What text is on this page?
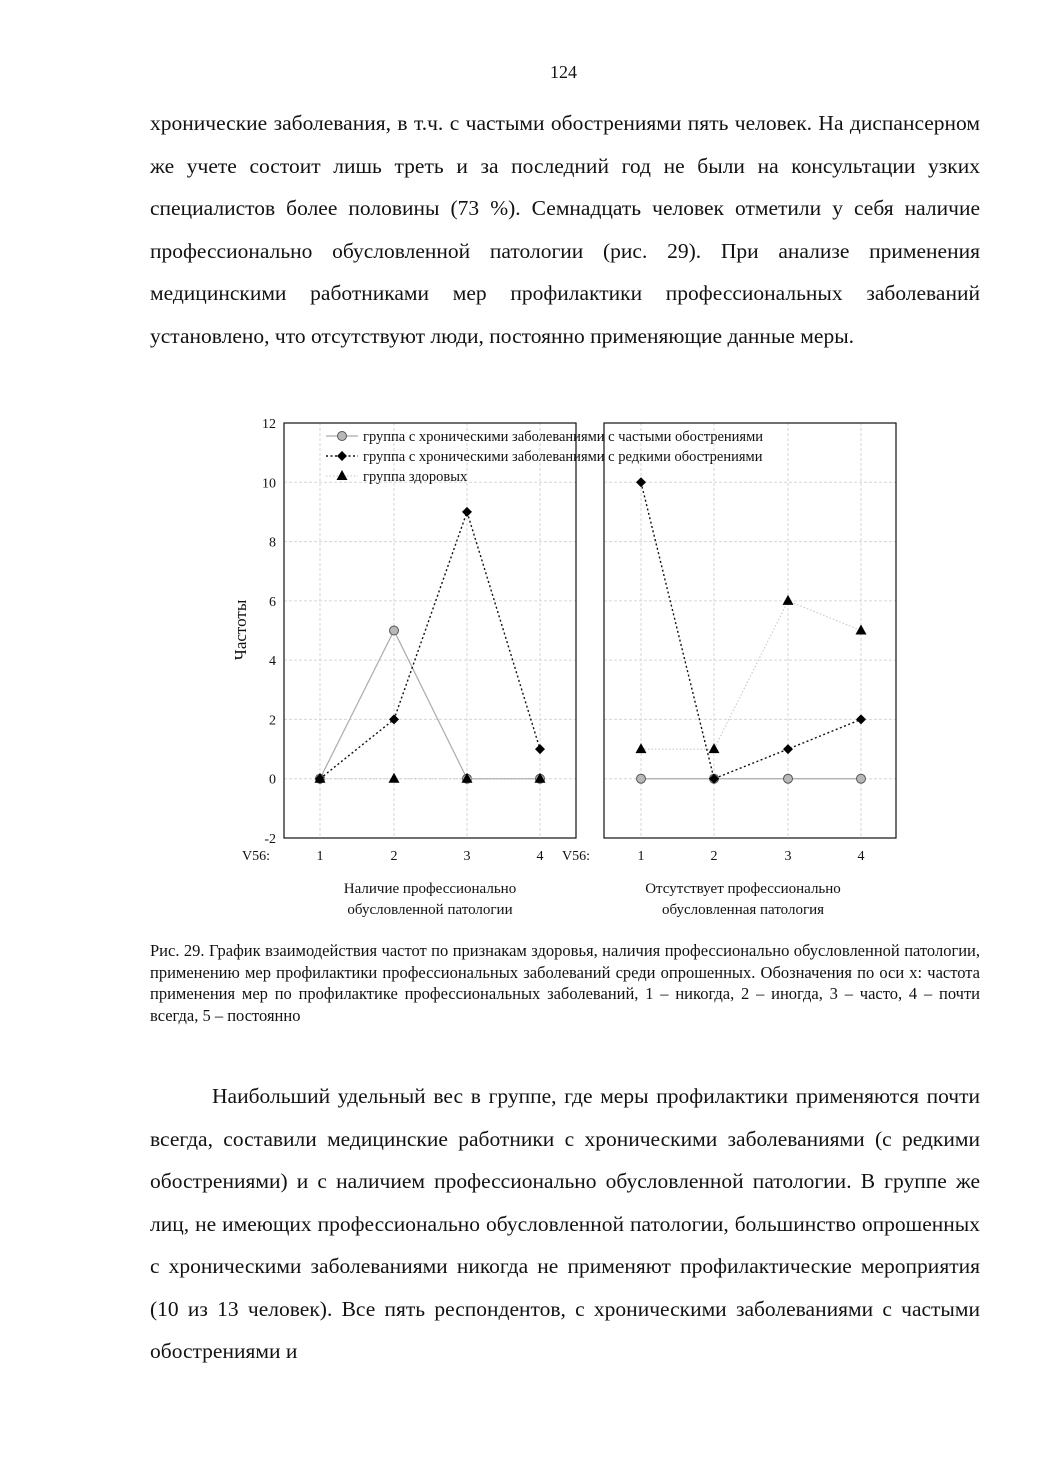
124

хронические заболевания, в т.ч. с частыми обострениями пять человек. На диспансерном же учете состоит лишь треть и за последний год не были на консультации узких специалистов более половины (73 %). Семнадцать человек отметили у себя наличие профессионально обусловленной патологии (рис. 29). При анализе применения медицинскими работниками мер профилактики профессиональных заболеваний установлено, что отсутствуют люди, постоянно применяющие данные меры.

-2
0
2
4
6
8
10
12
Частоты
V56:	1	2	3	4
Наличие профессионально
обусловленной патологии
V56:	1	2	3	4
Отсутствует профессионально
обусловленная патология
группа с хроническими заболеваниями с частыми обострениями
группа с хроническими заболеваниями с редкими обострениями
группа здоровых

Рис. 29. График взаимодействия частот по признакам здоровья, наличия профессионально обусловленной патологии, применению мер профилактики профессиональных заболеваний среди опрошенных. Обозначения по оси х: частота применения мер по профилактике профессиональных заболеваний, 1 – никогда, 2 – иногда, 3 – часто, 4 – почти всегда, 5 – постоянно

Наибольший удельный вес в группе, где меры профилактики применяются почти всегда, составили медицинские работники с хроническими заболеваниями (с редкими обострениями) и с наличием профессионально обусловленной патологии. В группе же лиц, не имеющих профессионально обусловленной патологии, большинство опрошенных с хроническими заболеваниями никогда не применяют профилактические мероприятия (10 из 13 человек). Все пять респондентов, с хроническими заболеваниями с частыми обострениями и
